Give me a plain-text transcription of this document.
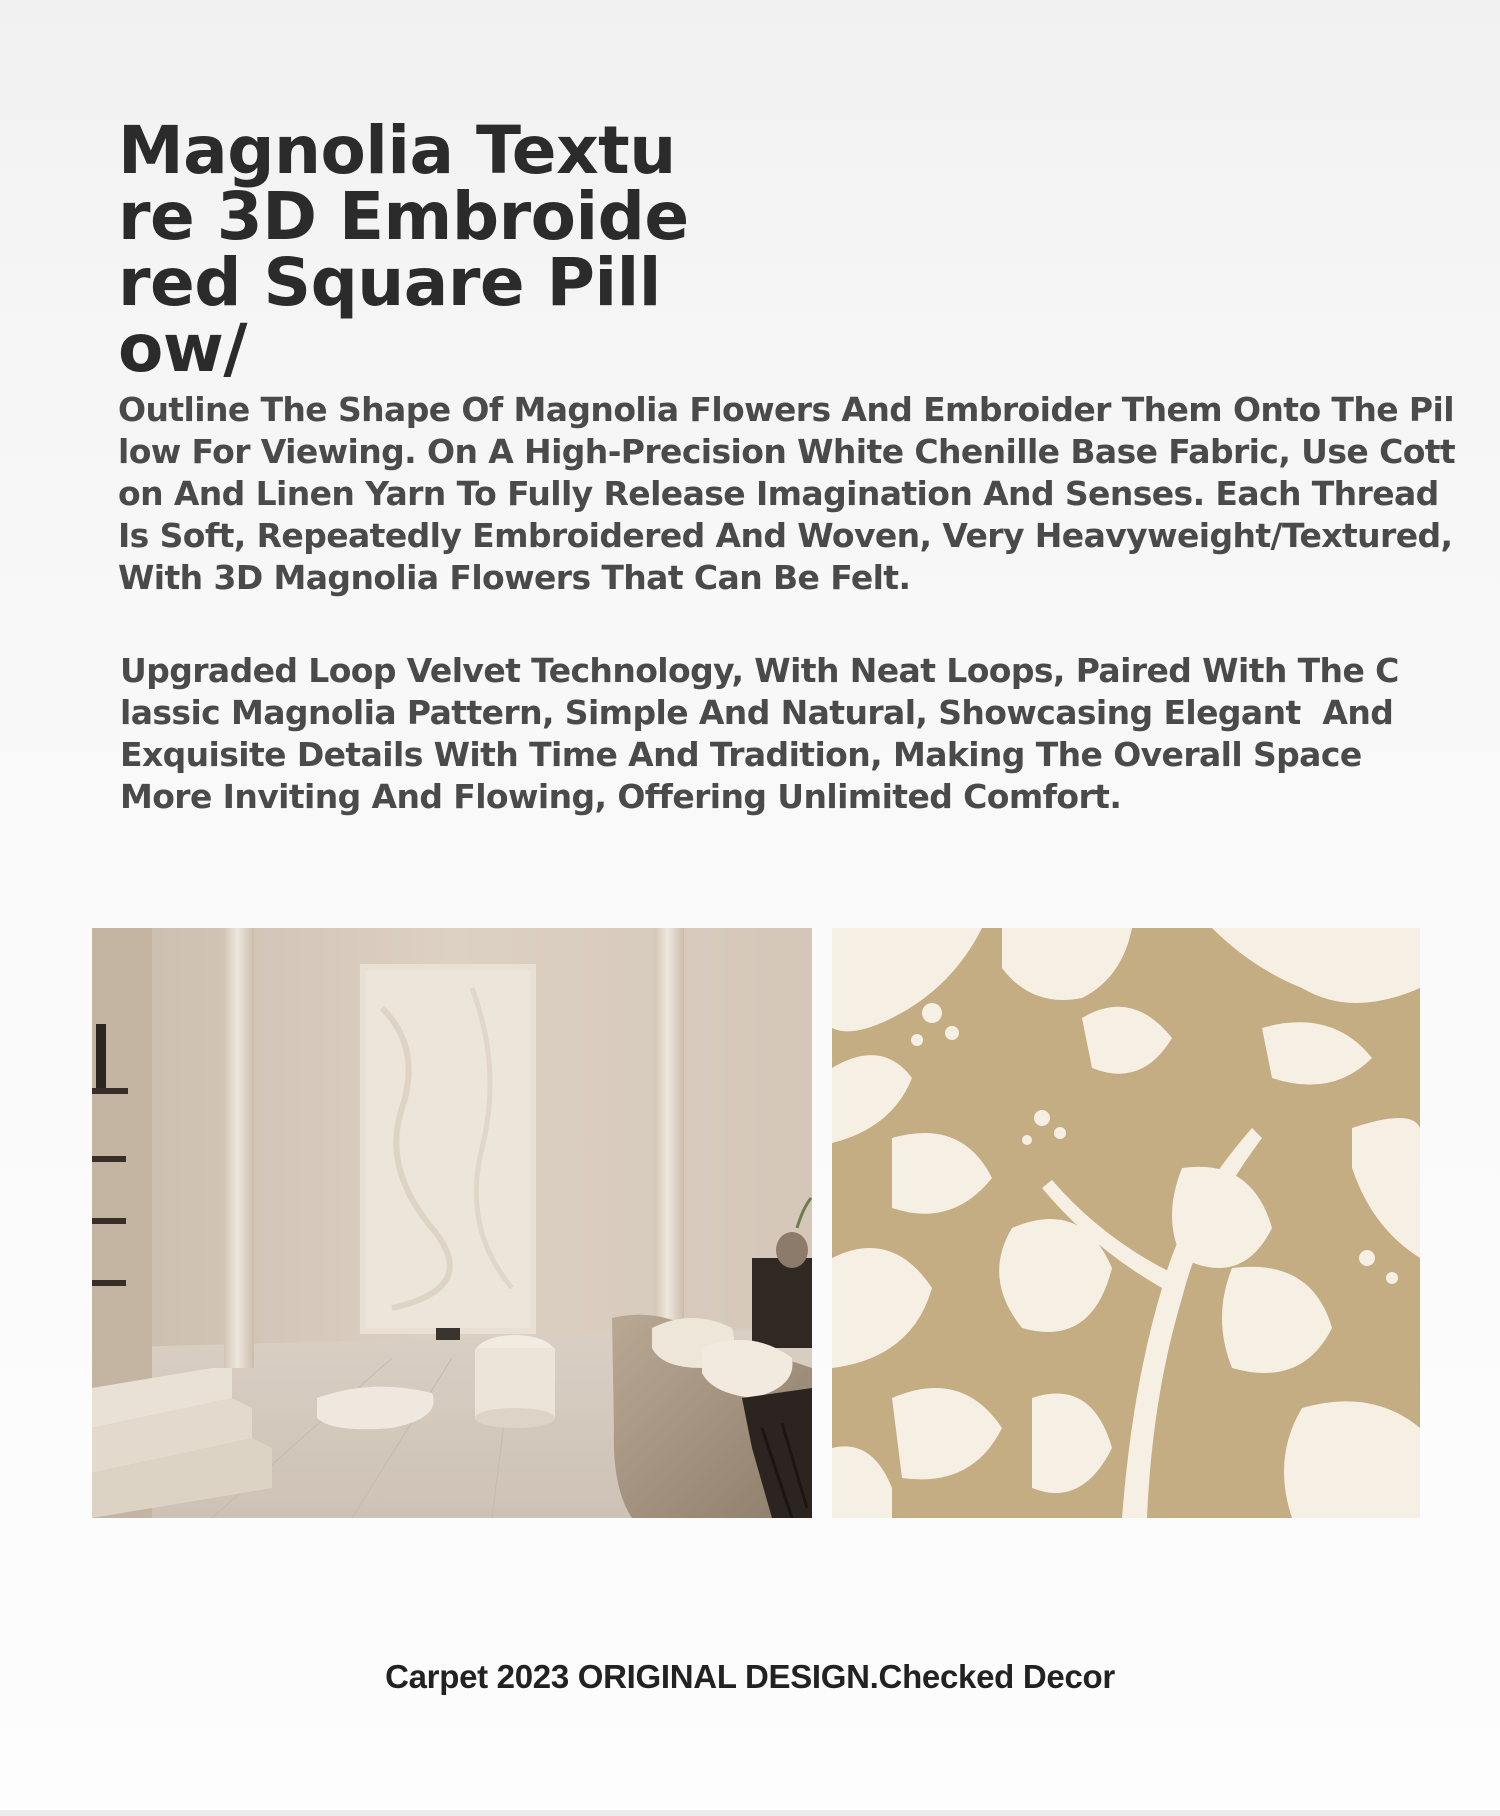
Magnolia Texture 3D Embroidered Square Pillow/

Outline The Shape Of Magnolia Flowers And Embroider Them Onto The Pillow For Viewing. On A High-Precision White Chenille Base Fabric, Use Cotton And Linen Yarn To Fully Release Imagination And Senses. Each Thread Is Soft, Repeatedly Embroidered And Woven, Very Heavyweight/Textured, With 3D Magnolia Flowers That Can Be Felt.

Upgraded Loop Velvet Technology, With Neat Loops, Paired With The Classic Magnolia Pattern, Simple And Natural, Showcasing Elegant  And Exquisite Details With Time And Tradition, Making The Overall Space More Inviting And Flowing, Offering Unlimited Comfort.

Carpet 2023 ORIGINAL DESIGN.Checked Decor
